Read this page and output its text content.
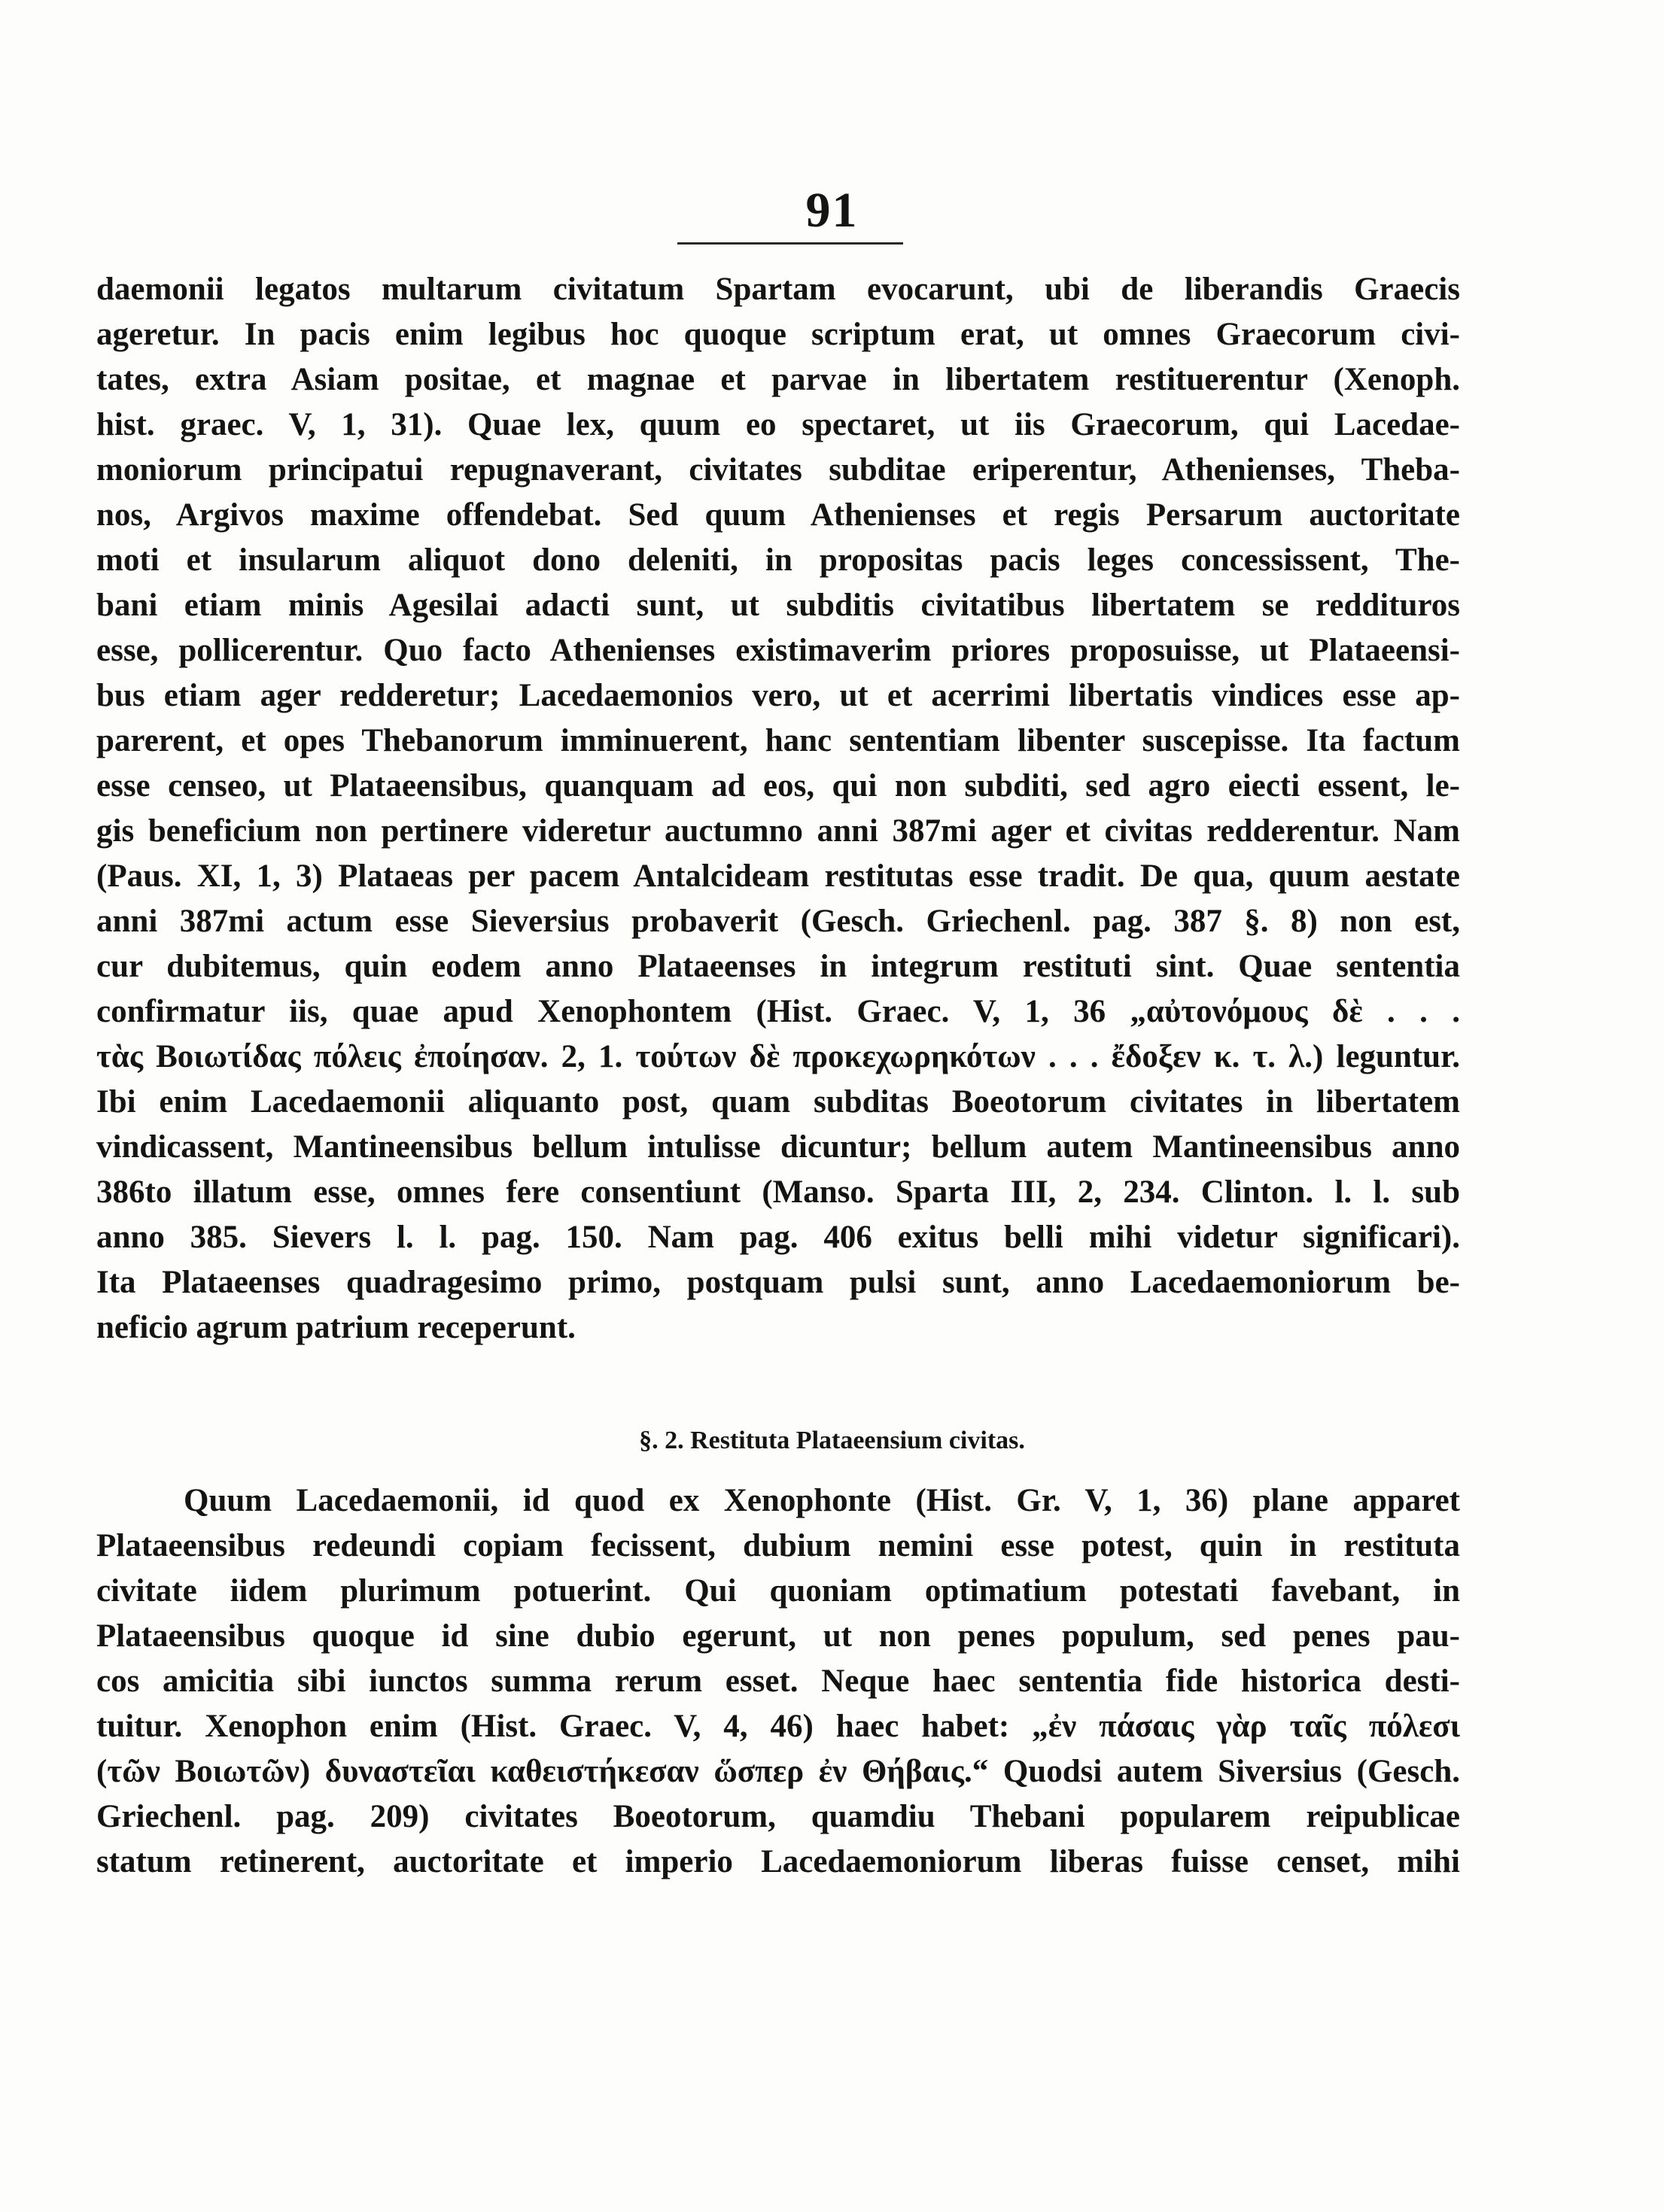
91
daemonii legatos multarum civitatum Spartam evocarunt, ubi de liberandis Graecis
ageretur. In pacis enim legibus hoc quoque scriptum erat, ut omnes Graecorum civi-
tates, extra Asiam positae, et magnae et parvae in libertatem restituerentur (Xenoph.
hist. graec. V, 1, 31). Quae lex, quum eo spectaret, ut iis Graecorum, qui Lacedae-
moniorum principatui repugnaverant, civitates subditae eriperentur, Athenienses, Theba-
nos, Argivos maxime offendebat. Sed quum Athenienses et regis Persarum auctoritate
moti et insularum aliquot dono deleniti, in propositas pacis leges concessissent, The-
bani etiam minis Agesilai adacti sunt, ut subditis civitatibus libertatem se reddituros
esse, pollicerentur. Quo facto Athenienses existimaverim priores proposuisse, ut Plataeensi-
bus etiam ager redderetur; Lacedaemonios vero, ut et acerrimi libertatis vindices esse ap-
parerent, et opes Thebanorum imminuerent, hanc sententiam libenter suscepisse. Ita factum
esse censeo, ut Plataeensibus, quanquam ad eos, qui non subditi, sed agro eiecti essent, le-
gis beneficium non pertinere videretur auctumno anni 387mi ager et civitas redderentur. Nam
(Paus. XI, 1, 3) Plataeas per pacem Antalcideam restitutas esse tradit. De qua, quum aestate
anni 387mi actum esse Sieversius probaverit (Gesch. Griechenl. pag. 387 §. 8) non est,
cur dubitemus, quin eodem anno Plataeenses in integrum restituti sint. Quae sententia
confirmatur iis, quae apud Xenophontem (Hist. Graec. V, 1, 36 „αὐτονόμους δὲ . . .
τὰς Βοιωτίδας πόλεις ἐποίησαν. 2, 1. τούτων δὲ προκεχωρηκότων . . . ἔδοξεν κ. τ. λ.) leguntur.
Ibi enim Lacedaemonii aliquanto post, quam subditas Boeotorum civitates in libertatem
vindicassent, Mantineensibus bellum intulisse dicuntur; bellum autem Mantineensibus anno
386to illatum esse, omnes fere consentiunt (Manso. Sparta III, 2, 234. Clinton. l. l. sub
anno 385. Sievers l. l. pag. 150. Nam pag. 406 exitus belli mihi videtur significari).
Ita Plataeenses quadragesimo primo, postquam pulsi sunt, anno Lacedaemoniorum be-
neficio agrum patrium receperunt.
§. 2. Restituta Plataeensium civitas.
Quum Lacedaemonii, id quod ex Xenophonte (Hist. Gr. V, 1, 36) plane apparet
Plataeensibus redeundi copiam fecissent, dubium nemini esse potest, quin in restituta
civitate iidem plurimum potuerint. Qui quoniam optimatium potestati favebant, in
Plataeensibus quoque id sine dubio egerunt, ut non penes populum, sed penes pau-
cos amicitia sibi iunctos summa rerum esset. Neque haec sententia fide historica desti-
tuitur. Xenophon enim (Hist. Graec. V, 4, 46) haec habet: „ἐν πάσαις γὰρ ταῖς πόλεσι
(τῶν Βοιωτῶν) δυναστεῖαι καθειστήκεσαν ὥσπερ ἐν Θήβαις.“ Quodsi autem Siversius (Gesch.
Griechenl. pag. 209) civitates Boeotorum, quamdiu Thebani popularem reipublicae
statum retinerent, auctoritate et imperio Lacedaemoniorum liberas fuisse censet, mihi
